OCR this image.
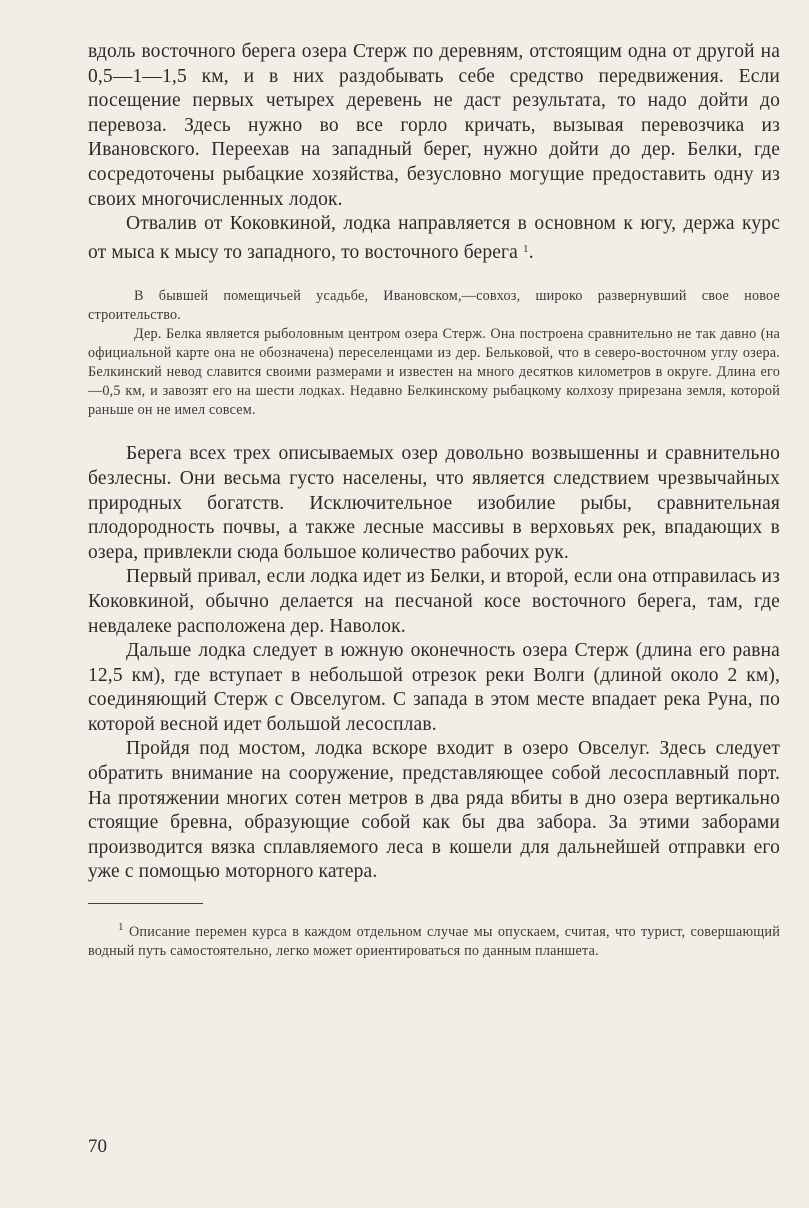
вдоль восточного берега озера Стерж по деревням, отстоящим одна от другой на 0,5—1—1,5 км, и в них раздобывать себе средство передвижения. Если посещение первых четырех деревень не даст результата, то надо дойти до перевоза. Здесь нужно во все горло кричать, вызывая перевозчика из Ивановского. Переехав на западный берег, нужно дойти до дер. Белки, где сосредоточены рыбацкие хозяйства, безусловно могущие предоставить одну из своих многочисленных лодок.

Отвалив от Коковкиной, лодка направляется в основном к югу, держа курс от мыса к мысу то западного, то восточного берега $^1$.

В бывшей помещичьей усадьбе, Ивановском,—совхоз, широко развернувший свое новое строительство.

Дер. Белка является рыболовным центром озера Стерж. Она построена сравнительно не так давно (на официальной карте она не обозначена) переселенцами из дер. Бельковой, что в северо-восточном углу озера. Белкинский невод славится своими размерами и известен на много десятков километров в округе. Длина его—0,5 км, и завозят его на шести лодках. Недавно Белкинскому рыбацкому колхозу прирезана земля, которой раньше он не имел совсем.

Берега всех трех описываемых озер довольно возвышенны и сравнительно безлесны. Они весьма густо населены, что является следствием чрезвычайных природных богатств. Исключительное изобилие рыбы, сравнительная плодородность почвы, а также лесные массивы в верховьях рек, впадающих в озера, привлекли сюда большое количество рабочих рук.

Первый привал, если лодка идет из Белки, и второй, если она отправилась из Коковкиной, обычно делается на песчаной косе восточного берега, там, где невдалеке расположена дер. Наволок.

Дальше лодка следует в южную оконечность озера Стерж (длина его равна 12,5 км), где вступает в небольшой отрезок реки Волги (длиной около 2 км), соединяющий Стерж с Овселугом. С запада в этом месте впадает река Руна, по которой весной идет большой лесосплав.

Пройдя под мостом, лодка вскоре входит в озеро Овселуг. Здесь следует обратить внимание на сооружение, представляющее собой лесосплавный порт. На протяжении многих сотен метров в два ряда вбиты в дно озера вертикально стоящие бревна, образующие собой как бы два забора. За этими заборами производится вязка сплавляемого леса в кошели для дальнейшей отправки его уже с помощью моторного катера.

$^1$ Описание перемен курса в каждом отдельном случае мы опускаем, считая, что турист, совершающий водный путь самостоятельно, легко может ориентироваться по данным планшета.

70
